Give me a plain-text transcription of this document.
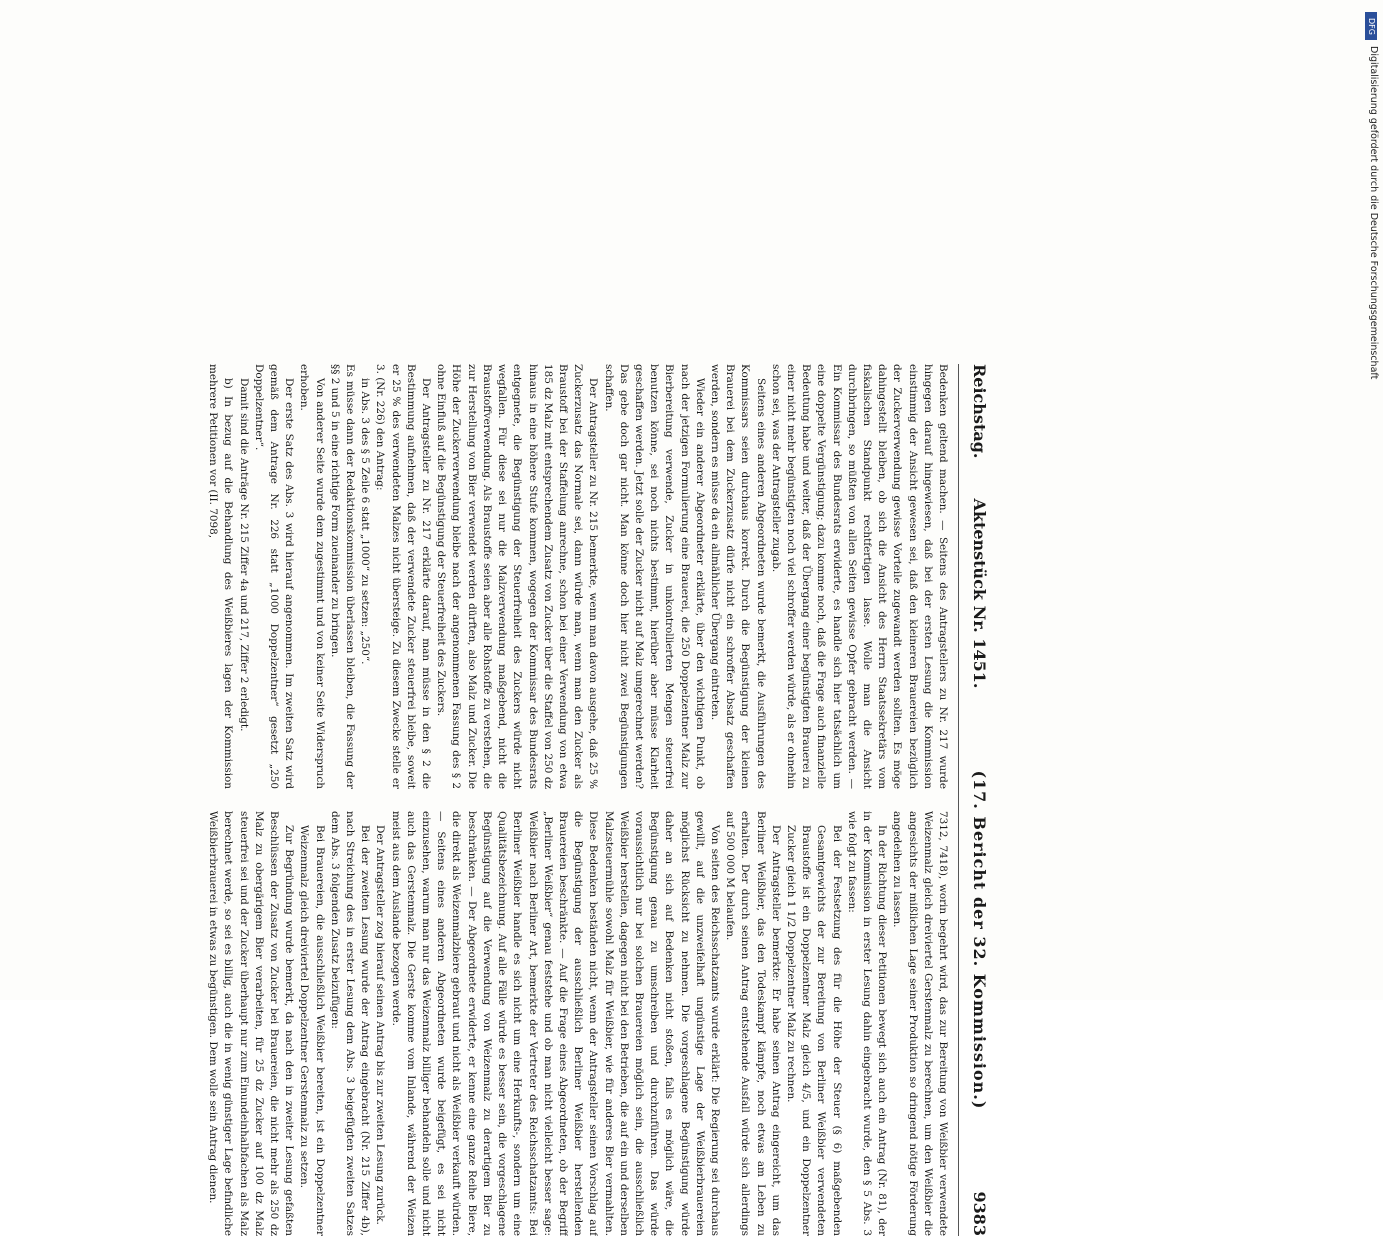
Reichstag.
Aktenstück Nr. 1451.
(17. Bericht der 32. Kommission.)
9383

Bedenken geltend machen. — Seitens des Antragstellers zu Nr. 217 wurde hingegen darauf hingewiesen, daß bei der ersten Lesung die Kommission einstimmig der Ansicht gewesen sei, daß den kleineren Brauereien bezüglich der Zuckerverwendung gewisse Vorteile zugewandt werden sollten. Es möge dahingestellt bleiben, ob sich die Ansicht des Herrn Staatssekretärs vom fiskalischen Standpunkt rechtfertigen lasse. Wolle man die Ansicht durchbringen, so müßten von allen Seiten gewisse Opfer gebracht werden. — Ein Kommissar des Bundesrats erwiderte, es handle sich hier tatsächlich um eine doppelte Vergünstigung; dazu komme noch, daß die Frage auch finanzielle Bedeutung habe und weiter, daß der Übergang einer begünstigten Brauerei zu einer nicht mehr begünstigten noch viel schroffer werden würde, als er ohnehin schon sei, was der Antragsteller zugab.

Seitens eines anderen Abgeordneten wurde bemerkt, die Ausführungen des Kommissars seien durchaus korrekt. Durch die Begünstigung der kleinen Brauerei bei dem Zuckerzusatz dürfe nicht ein schroffer Absatz geschaffen werden, sondern es müsse da ein allmählicher Übergang eintreten.

Wieder ein anderer Abgeordneter erklärte, über den wichtigen Punkt, ob nach der jetzigen Formulierung eine Brauerei, die 250 Doppelzentner Malz zur Bierbereitung verwende, Zucker in unkontrollierten Mengen steuerfrei benutzen könne, sei noch nichts bestimmt, hierüber aber müsse Klarheit geschaffen werden. Jetzt solle der Zucker nicht auf Malz umgerechnet werden? Das gebe doch gar nicht. Man könne doch hier nicht zwei Begünstigungen schaffen.

Der Antragsteller zu Nr. 215 bemerkte, wenn man davon ausgehe, daß 25 % Zuckerzusatz das Normale sei, dann würde man, wenn man den Zucker als Braustoff bei der Staffelung anrechne, schon bei einer Verwendung von etwa 185 dz Malz mit entsprechendem Zusatz von Zucker über die Staffel von 250 dz hinaus in eine höhere Stufe kommen, wogegen der Kommissar des Bundesrats entgegnete, die Begünstigung der Steuerfreiheit des Zuckers würde nicht wegfallen. Für diese sei nur die Malzverwendung maßgebend, nicht die Braustoffverwendung. Als Braustoffe seien aber alle Rohstoffe zu verstehen, die zur Herstellung von Bier verwendet werden dürften, also Malz und Zucker. Die Höhe der Zuckerverwendung bleibe nach der angenommenen Fassung des § 2 ohne Einfluß auf die Begünstigung der Steuerfreiheit des Zuckers.

Der Antragsteller zu Nr. 217 erklärte darauf, man müsse in den § 2 die Bestimmung aufnehmen, daß der verwendete Zucker steuerfrei bleibe, soweit er 25 % des verwendeten Malzes nicht übersteige. Zu diesem Zwecke stelle er 3. (Nr. 226) den Antrag:

in Abs. 3 des § 5 Zeile 6 statt „1000“ zu setzen: „250“.

Es müsse dann der Redaktionskommission überlassen bleiben, die Fassung der §§ 2 und 5 in eine richtige Form zueinander zu bringen.

Von anderer Seite wurde dem zugestimmt und von keiner Seite Widerspruch erhoben.

Der erste Satz des Abs. 3 wird hierauf angenommen. Im zweiten Satz wird gemäß dem Antrage Nr. 226 statt „1000 Doppelzentner“ gesetzt „250 Doppelzentner“.

Damit sind die Anträge Nr. 215 Ziffer 4a und 217, Ziffer 2 erledigt.

b) In bezug auf die Behandlung des Weißbieres lagen der Kommission mehrere Petitionen vor (II. 7098,

7312, 7418), worin begehrt wird, das zur Bereitung von Weißbier verwendete Weizenmalz gleich dreiviertel Gerstenmalz zu berechnen, um den Weißbier die angesichts der mißlichen Lage seiner Produktion so dringend nötige Förderung angedeihen zu lassen.

In der Richtung dieser Petitionen bewegt sich auch ein Antrag (Nr. 81), der in der Kommission in erster Lesung dahin eingebracht wurde, den § 5 Abs. 3 wie folgt zu fassen:

Bei der Festsetzung des für die Höhe der Steuer (§ 6) maßgebenden Gesamtgewichts der zur Bereitung von Berliner Weißbier verwendeten Braustoffe ist ein Doppelzentner Malz gleich 4/5, und ein Doppelzentner Zucker gleich 1 1/2 Doppelzentner Malz zu rechnen.

Der Antragsteller bemerkte: Er habe seinen Antrag eingereicht, um das Berliner Weißbier, das den Todeskampf kämpfe, noch etwas am Leben zu erhalten. Der durch seinen Antrag entstehende Ausfall würde sich allerdings auf 500 000 M belaufen.

Von seiten des Reichsschatzamts wurde erklärt: Die Regierung sei durchaus gewillt, auf die unzweifelhaft ungünstige Lage der Weißbierbrauereien möglichst Rücksicht zu nehmen. Die vorgeschlagene Begünstigung würde daher an sich auf Bedenken nicht stoßen, falls es möglich wäre, die Begünstigung genau zu umschreiben und durchzuführen. Das würde voraussichtlich nur bei solchen Brauereien möglich sein, die ausschließlich Weißbier herstellen, dagegen nicht bei den Betrieben, die auf ein und derselben Malzsteuermühle sowohl Malz für Weißbier, wie für anderes Bier vermahlten. Diese Bedenken beständen nicht, wenn der Antragsteller seinen Vorschlag auf die Begünstigung der ausschließlich Berliner Weißbier herstellenden Brauereien beschränkte. — Auf die Frage eines Abgeordneten, ob der Begriff „Berliner Weißbier“ genau feststehe und ob man nicht vielleicht besser sage: Weißbier nach Berliner Art, bemerkte der Vertreter des Reichsschatzamts: Bei Berliner Weißbier handle es sich nicht um eine Herkunfts-, sondern um eine Qualitätsbezeichnung. Auf alle Fälle würde es besser sein, die vorgeschlagene Begünstigung auf die Verwendung von Weizenmalz zu derartigem Bier zu beschränken. — Der Abgeordnete erwiderte, er kenne eine ganze Reihe Biere, die direkt als Weizenmalzbiere gebraut und nicht als Weißbier verkauft würden. — Seitens eines anderen Abgeordneten wurde beigefügt, es sei nicht einzusehen, warum man nur das Weizenmalz billiger behandeln solle und nicht auch das Gerstenmalz. Die Gerste komme vom Inlande, während der Weizen meist aus dem Auslande bezogen werde.

Der Antragsteller zog hierauf seinen Antrag bis zur zweiten Lesung zurück.

Bei der zweiten Lesung wurde der Antrag eingebracht (Nr. 215 Ziffer 4b), nach Streichung des in erster Lesung dem Abs. 3 beigefügten zweiten Satzes dem Abs. 3 folgenden Zusatz beizufügen:

Bei Brauereien, die ausschließlich Weißbier bereiten, ist ein Doppelzentner Weizenmalz gleich dreiviertel Doppelzentner Gerstenmalz zu setzen.

Zur Begründung wurde bemerkt, da nach den in zweiter Lesung gefaßten Beschlüssen der Zusatz von Zucker bei Brauereien, die nicht mehr als 250 dz Malz zu obergärigem Bier verarbeiten, für 25 dz Zucker auf 100 dz Malz steuerfrei sei und der Zucker überhaupt nur zum Einundeinhalbfachen als Malz berechnet werde, so sei es billig, auch die in wenig günstiger Lage befindliche Weißbierbrauerei in etwas zu begünstigen. Dem wolle sein Antrag dienen.

DFG
Digitalisierung gefördert durch die Deutsche Forschungsgemeinschaft
